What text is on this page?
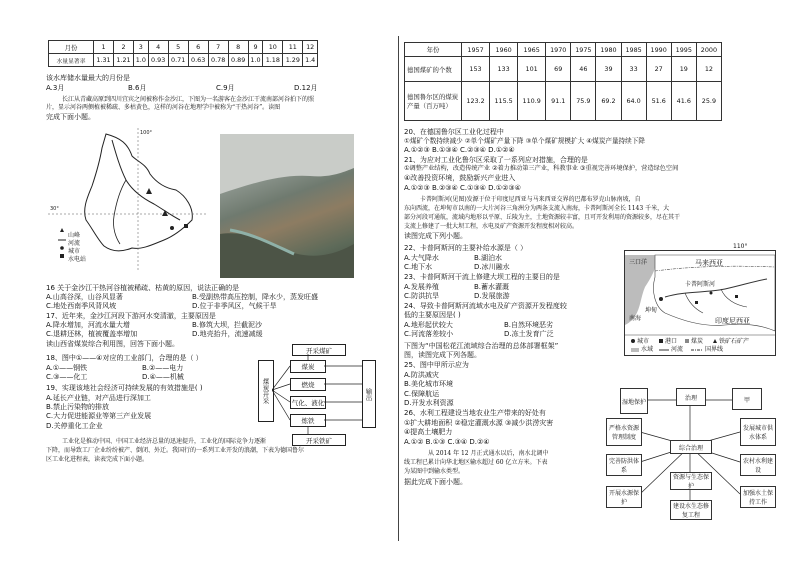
月份	1	2	3	4	5	6	7	8	9	10	11	12
水量显著率	1.31	1.21	1.0	0.93	0.71	0.63	0.78	0.89	1.0	1.18	1.29	1.4
该水库储水量最大的月份是
A.3月	B.6月	C.9月	D.12月
长江从青藏高原到四川宜宾之间被称作金沙江，下图为一名游客在金沙江干流南部河谷拍下的照
片，显示河谷两侧植被稀疏、多枯黄色，这样的河谷在地理学中被称为“干热河谷”。读图
完成下面小题。
100°
30°
山峰
河流
城市
水电站
16 关于金沙江干热河谷植被稀疏、枯黄的原因，说法正确的是
A.山高谷深，山谷风显著	B.受副热带高压控制，降水少，蒸发旺盛
C.地处西南季风背风坡	D.位于非季风区，气候干旱
17、近年来，金沙江河段下游河水变清澈，主要原因是
A.降水增加，河流水量大增	B.修筑大坝，拦截泥沙
C.退耕还林，植被覆盖率增加	D.地壳抬升，流速减缓
读山西省煤炭综合利用图，回答下面小题。
煤炭开采
开采煤矿
煤炭
燃烧
气化、液化
炼铁
开采铁矿
输出
18、图中①——④对应的工业部门，合理的是（ ）
A.①——钢铁	B.②——电力
C.③——化工	D.④——机械
19、实现该地社会经济可持续发展的有效措施是( )
A.延长产业链，对产品进行深加工
B.禁止污染物的排放
C.大力促进能源业等第三产业发展
D.关停重化工企业
工业化是推动中国、中国工业经济总量的迅速提升，工业化的国际竞争力逐渐
下降，而导致工厂企业纷纷被产、倒闭、外迁。我国行的一系列工业开发的浪潮，下表为德国鲁尔
区工业化进程表，读表完成下面小题。
年份	1957	1960	1965	1970	1975	1980	1985	1990	1995	2000
德国煤矿的个数	153	133	101	69	46	39	33	27	19	12
德国鲁尔区的煤炭产量（百万吨）	123.2	115.5	110.9	91.1	75.9	69.2	64.0	51.6	41.6	25.9
20、在德国鲁尔区工业化过程中
①煤矿个数持续减少 ②单个煤矿产量下降 ③单个煤矿规模扩大 ④煤炭产量持续下降
A.①②③ B.①③④ C.②③④ D.①②④
21、为应对工业化鲁尔区采取了一系列应对措施，合理的是
①调整产业结构，改造传统产业 ②着力推动第三产业，科教事业 ③重视完善环境保护，营造绿色空间
④改善投资环境，鼓励新兴产业进入
A.①②③ B.②③④ C.①③④ D.①②③④
卡普阿斯河(见图)发源于位于印度尼西亚与马来西亚交界的巴都布罗克山脉南坡，自
东向西流，在坤甸市以南的一大片河谷三角洲分为两条支流入南海，卡普阿斯河全长 1143 千米，大
部分河段可通航，流域内地形以平原、丘陵为主，土地资源较丰富，且可开发利用的资源较多，尽在其干
支流上修建了一批大坝工程，水电及矿产资源开发程度相对较高。
读图完成下列小题。
22、卡普阿斯河的主要补给水源是（ ）
A.大气降水	B.湖泊水
C.地下水	D.冰川融水
23、卡普阿斯河干流上修建大坝工程的主要目的是
A.发展养殖	B.蓄水灌溉
C.防洪抗旱	D.发展旅游
24、导致卡普阿斯河流域水电及矿产资源开发程度较
低的主要原因是( )
A.地形起伏较大	B.自然环境恶劣
C.河流落差较小	D.冻土发育广泛
110°
马来西亚
三口洋
坤甸
南海
卡普阿斯河
印度尼西亚
城市	港口 煤炭	铁矿石矿产
水域	河流	国界线
下图为“中国松花江流域综合治理的总体部署框架”
图，读图完成下列各题。
25、图中甲所示应为
A.防洪减灾
B.美化城市环境
C.保障航运
D.开发水利资源
26、水利工程建设当地农业生产带来的好处有
①扩大耕地面积 ②稳定灌溉水源 ③减少洪涝灾害
④提高土壤肥力
A.①② B.①③ C.③④ D.②④
从 2014 年 12 月正式通水以后，南水北调中
线工程已累计向华北地区输水超过 60 亿立方米。下表
为某图中到输水类型。
据此完成下面小题。
湿地保护
治理	甲
综合治理
严格水资源管理制度
完善防洪体系
开展水源保护
发展城市供水体系
农村水利建设
加强水土保持工作
资源与生态保护
建设水生态修复工程
